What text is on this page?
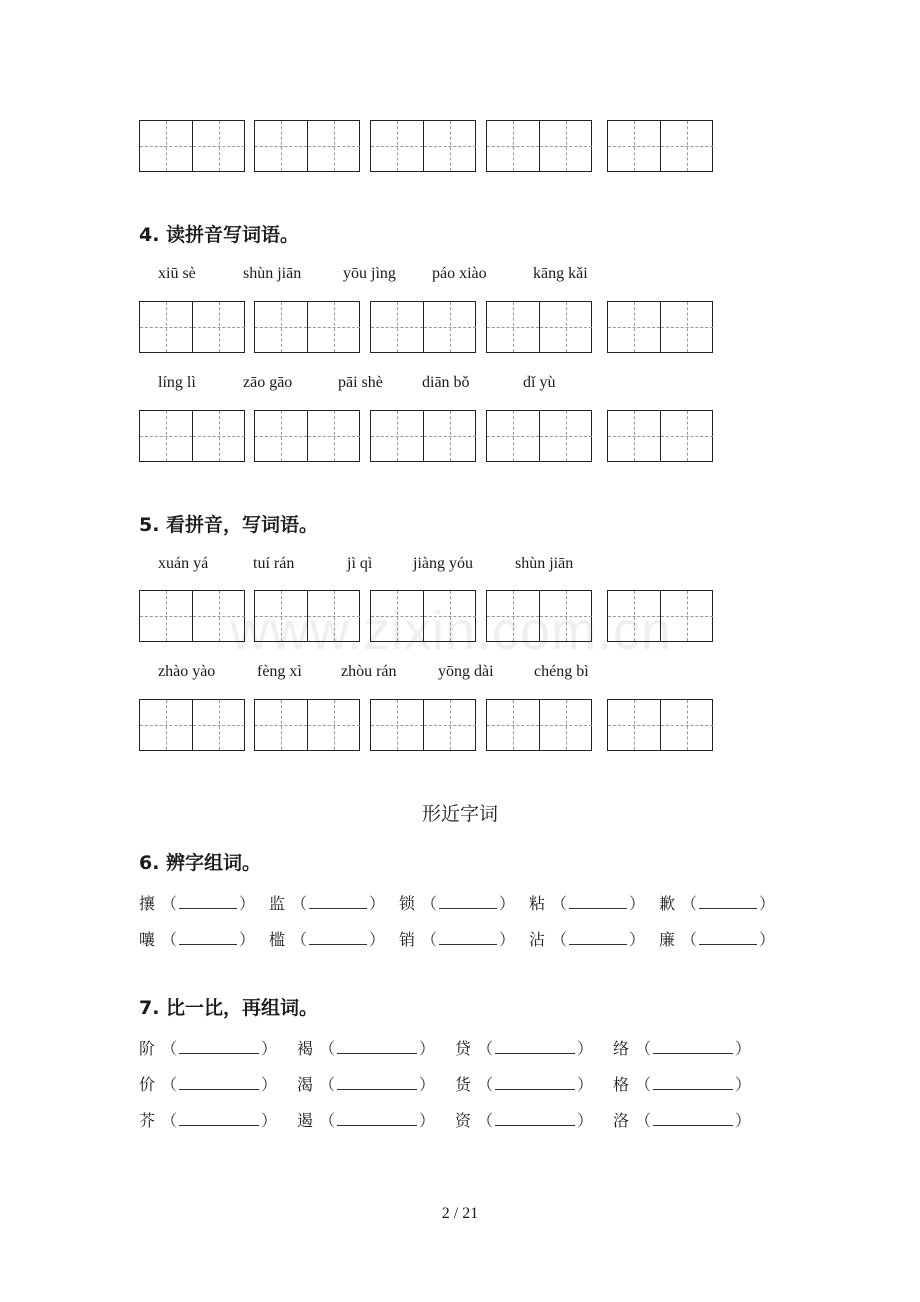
www.zixin.com.cn
4. 读拼音写词语。
xiū sè	shùn jiān	yōu jìng páo xiào	kāng kǎi
líng lì	zāo gāo	pāi shè diān bǒ	dǐ yù
5. 看拼音，写词语。
xuán yá	tuí rán	jì qì	jiàng yóu	shùn jiān
zhào yào	fèng xì zhòu rán	yōng dài	chéng bì
形近字词
6. 辨字组词。
攘 （	） 监 （	） 锁 （	） 粘 （	） 歉 （	）
嚷 （	） 槛 （	） 销 （	） 沾 （	） 廉 （	）
7. 比一比，再组词。
阶 （	） 褐 （	） 贷 （	） 络 （	）
价 （	） 渴 （	） 货 （	） 格 （	）
芥 （	） 遏 （	） 资 （	） 洛 （	）
2 / 21
